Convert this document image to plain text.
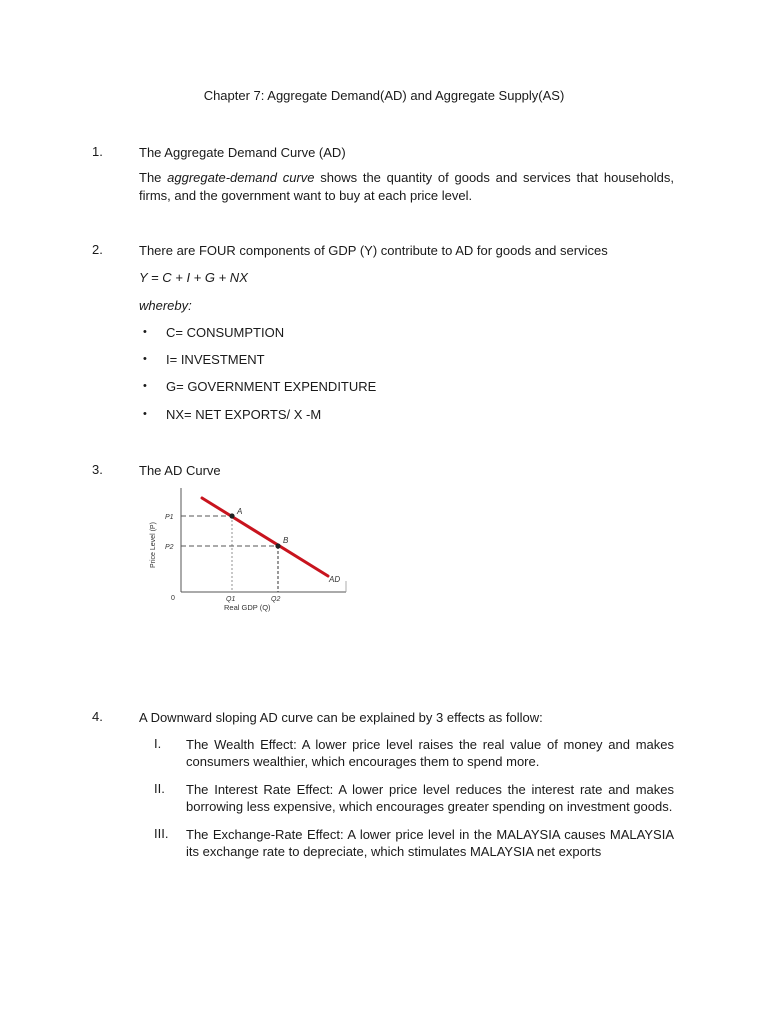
Chapter 7: Aggregate Demand(AD) and Aggregate Supply(AS)
1.	The Aggregate Demand Curve (AD)
The aggregate-demand curve shows the quantity of goods and services that households, firms, and the government want to buy at each price level.
2.	There are FOUR components of GDP (Y) contribute to AD for goods and services
Y = C + I + G + NX
whereby:
• C= CONSUMPTION
• I= INVESTMENT
• G= GOVERNMENT EXPENDITURE
• NX= NET EXPORTS/ X -M
3.	The AD Curve
A
B
AD
P1
P2
Q1	Q2
0
Real GDP (Q)
Price Level (P)
4.	A Downward sloping AD curve can be explained by 3 effects as follow:
I. The Wealth Effect: A lower price level raises the real value of money and makes consumers wealthier, which encourages them to spend more.
II. The Interest Rate Effect: A lower price level reduces the interest rate and makes borrowing less expensive, which encourages greater spending on investment goods.
III. The Exchange-Rate Effect: A lower price level in the MALAYSIA causes MALAYSIA its exchange rate to depreciate, which stimulates MALAYSIA net exports
